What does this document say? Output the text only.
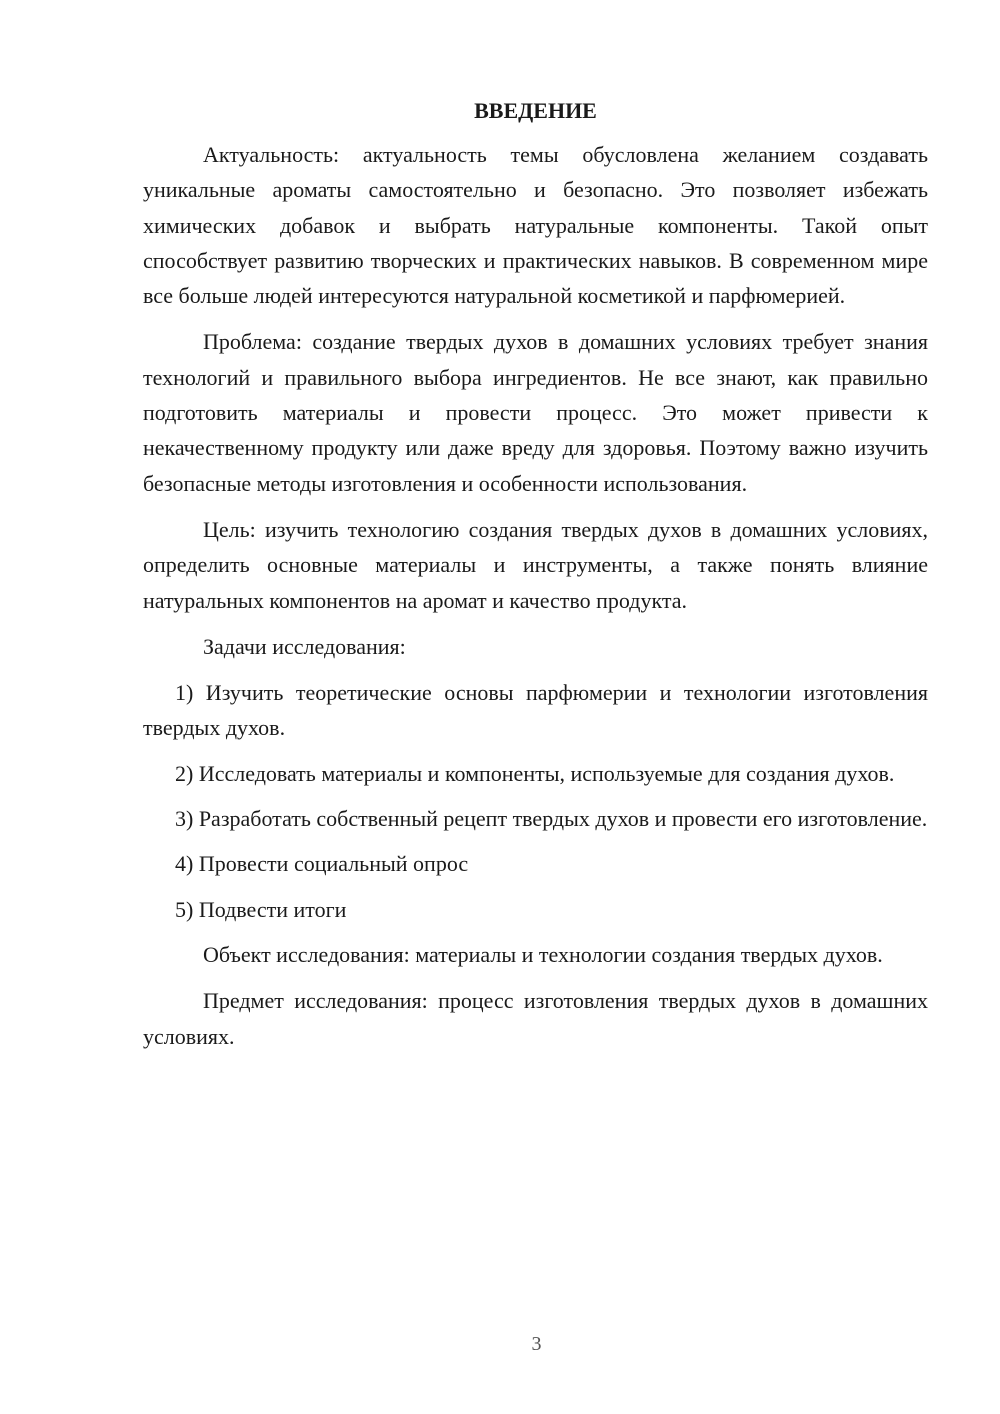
ВВЕДЕНИЕ

Актуальность: актуальность темы обусловлена желанием создавать уникальные ароматы самостоятельно и безопасно. Это позволяет избежать химических добавок и выбрать натуральные компоненты. Такой опыт способствует развитию творческих и практических навыков. В современном мире все больше людей интересуются натуральной косметикой и парфюмерией.

Проблема: создание твердых духов в домашних условиях требует знания технологий и правильного выбора ингредиентов. Не все знают, как правильно подготовить материалы и провести процесс. Это может привести к некачественному продукту или даже вреду для здоровья. Поэтому важно изучить безопасные методы изготовления и особенности использования.

Цель: изучить технологию создания твердых духов в домашних условиях, определить основные материалы и инструменты, а также понять влияние натуральных компонентов на аромат и качество продукта.

Задачи исследования:

1) Изучить теоретические основы парфюмерии и технологии изготовления твердых духов.

2) Исследовать материалы и компоненты, используемые для создания духов.

3) Разработать собственный рецепт твердых духов и провести его изготовление.

4) Провести социальный опрос

5) Подвести итоги

Объект исследования: материалы и технологии создания твердых духов.

Предмет исследования: процесс изготовления твердых духов в домашних условиях.

3
